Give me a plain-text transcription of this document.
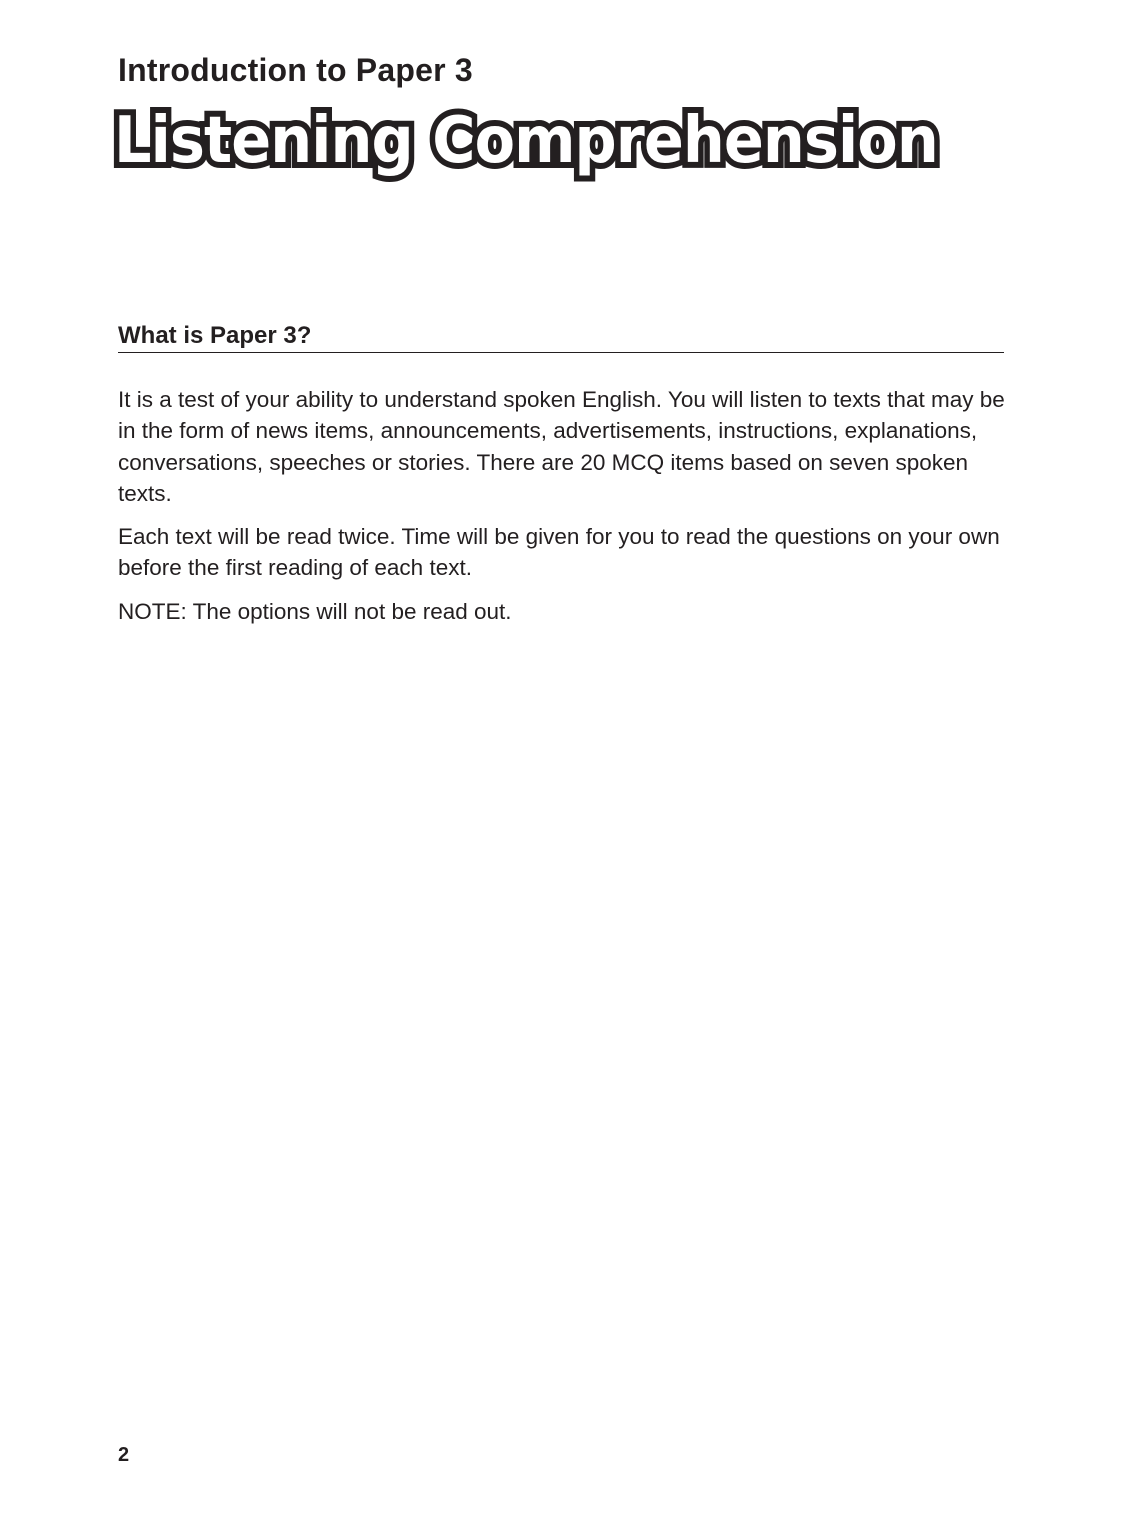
Introduction to Paper 3
Listening Comprehension
What is Paper 3?

It is a test of your ability to understand spoken English. You will listen to texts that may be in the form of news items, announcements, advertisements, instructions, explanations, conversations, speeches or stories. There are 20 MCQ items based on seven spoken texts.

Each text will be read twice. Time will be given for you to read the questions on your own before the first reading of each text.

NOTE: The options will not be read out.

2
